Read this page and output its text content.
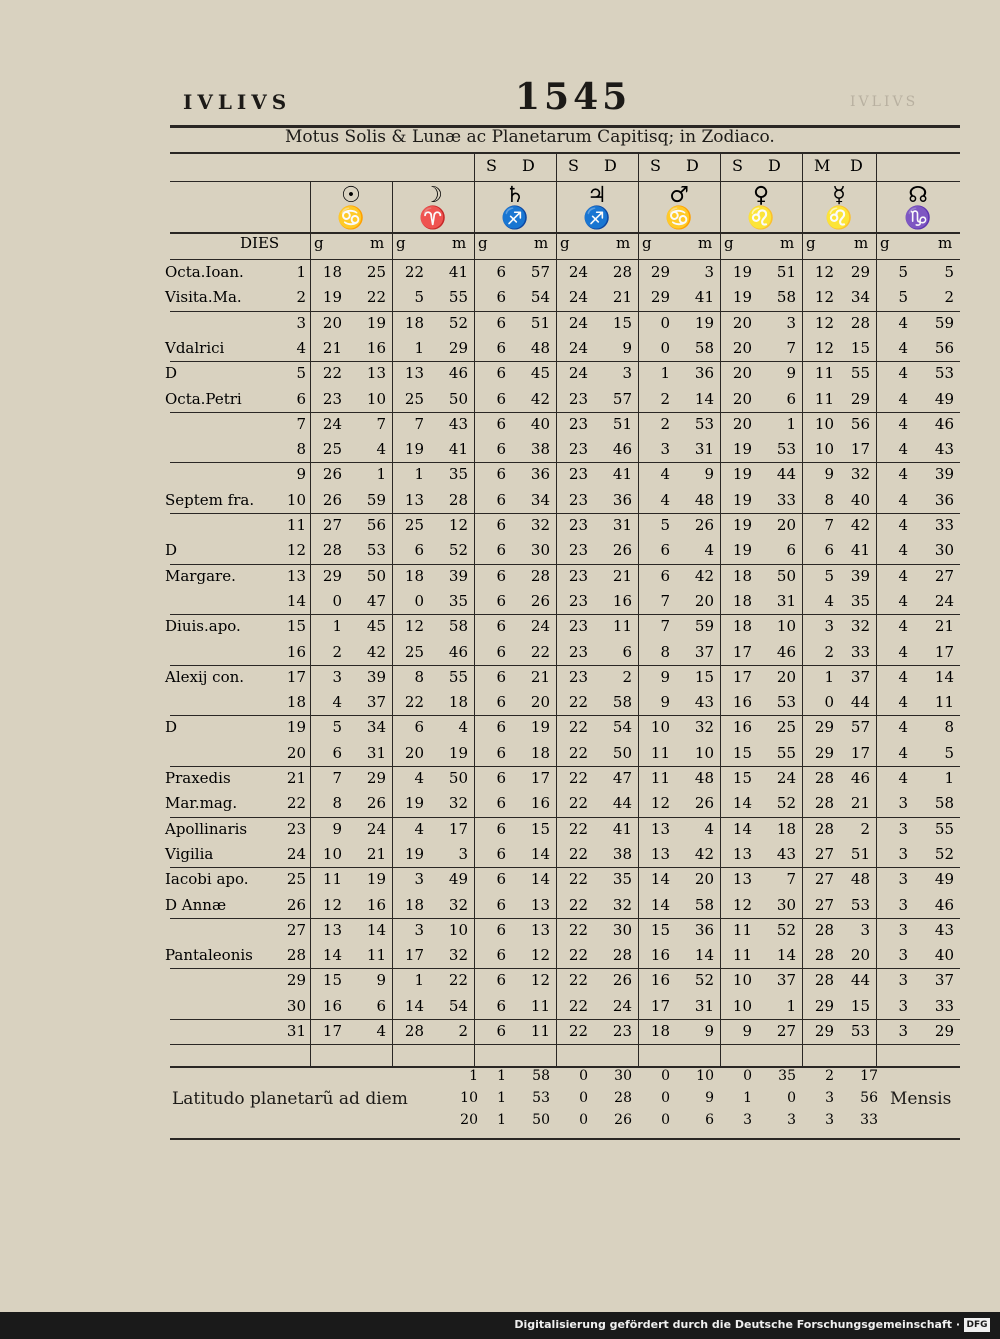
IVLIVS	1545	IVLIVS
Motus Solis & Lunæ ac Planetarum Capitisq; in Zodiaco.
S D S D S D S D M D
☉
♋
☽
♈
♄
♐
♃
♐
♂
♋
♀
♌
☿
♌
☊
♑
DIES g	m g	m g	m g	m g	m g	m g	m g	m
Octa.Ioan.	1	18	25	22	41	6	57	24	28	29	3	19	51	12	29	5	5
Visita.Ma.	2	19	22	5	55	6	54	24	21	29	41	19	58	12	34	5	2
3	20	19	18	52	6	51	24	15	0	19	20	3	12	28	4	59
Vdalrici	4	21	16	1	29	6	48	24	9	0	58	20	7	12	15	4	56
D	5	22	13	13	46	6	45	24	3	1	36	20	9	11	55	4	53
Octa.Petri	6	23	10	25	50	6	42	23	57	2	14	20	6	11	29	4	49
7	24	7	7	43	6	40	23	51	2	53	20	1	10	56	4	46
8	25	4	19	41	6	38	23	46	3	31	19	53	10	17	4	43
9	26	1	1	35	6	36	23	41	4	9	19	44	9	32	4	39
Septem fra.	10	26	59	13	28	6	34	23	36	4	48	19	33	8	40	4	36
11	27	56	25	12	6	32	23	31	5	26	19	20	7	42	4	33
D	12	28	53	6	52	6	30	23	26	6	4	19	6	6	41	4	30
Margare.	13	29	50	18	39	6	28	23	21	6	42	18	50	5	39	4	27
14	0	47	0	35	6	26	23	16	7	20	18	31	4	35	4	24
Diuis.apo.	15	1	45	12	58	6	24	23	11	7	59	18	10	3	32	4	21
16	2	42	25	46	6	22	23	6	8	37	17	46	2	33	4	17
Alexij con.	17	3	39	8	55	6	21	23	2	9	15	17	20	1	37	4	14
18	4	37	22	18	6	20	22	58	9	43	16	53	0	44	4	11
D	19	5	34	6	4	6	19	22	54	10	32	16	25	29	57	4	8
20	6	31	20	19	6	18	22	50	11	10	15	55	29	17	4	5
Praxedis	21	7	29	4	50	6	17	22	47	11	48	15	24	28	46	4	1
Mar.mag.	22	8	26	19	32	6	16	22	44	12	26	14	52	28	21	3	58
Apollinaris	23	9	24	4	17	6	15	22	41	13	4	14	18	28	2	3	55
Vigilia	24	10	21	19	3	6	14	22	38	13	42	13	43	27	51	3	52
Iacobi apo.	25	11	19	3	49	6	14	22	35	14	20	13	7	27	48	3	49
D Annæ	26	12	16	18	32	6	13	22	32	14	58	12	30	27	53	3	46
27	13	14	3	10	6	13	22	30	15	36	11	52	28	3	3	43
Pantaleonis	28	14	11	17	32	6	12	22	28	16	14	11	14	28	20	3	40
29	15	9	1	22	6	12	22	26	16	52	10	37	28	44	3	37
30	16	6	14	54	6	11	22	24	17	31	10	1	29	15	3	33
31	17	4	28	2	6	11	22	23	18	9	9	27	29	53	3	29
Latitudo planetarũ ad diem	Mensis
1	1	58	0	30	0	10	0	35	2	17
10	1	53	0	28	0	9	1	0	3	56
20	1	50	0	26	0	6	3	3	3	33
Digitalisierung gefördert durch die Deutsche Forschungsgemeinschaft · DFG
